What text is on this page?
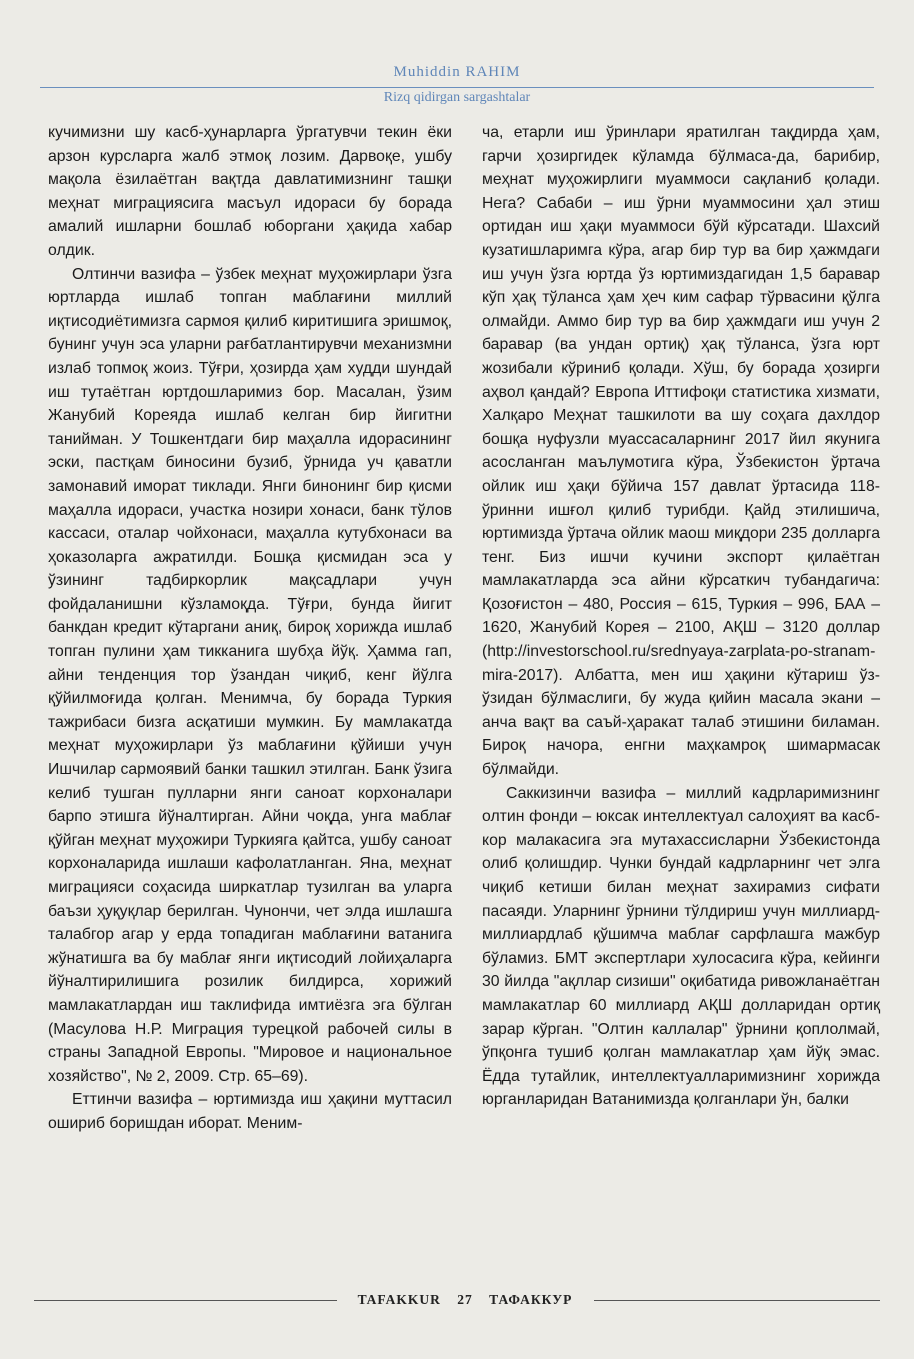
Muhiddin RAHIM
Rizq qidirgan sargashtalar

кучимизни шу касб-ҳунарларга ўргатувчи текин ёки арзон курсларга жалб этмоқ лозим. Дарвоқе, ушбу мақола ёзилаётган вақтда давлатимизнинг ташқи меҳнат миграциясига масъул идораси бу борада амалий ишларни бошлаб юборгани ҳақида хабар олдик.

Олтинчи вазифа – ўзбек меҳнат муҳожирлари ўзга юртларда ишлаб топган маблағини миллий иқтисодиётимизга сармоя қилиб киритишига эришмоқ, бунинг учун эса уларни рағбатлантирувчи механизмни излаб топмоқ жоиз. Тўғри, ҳозирда ҳам худди шундай иш тутаётган юртдошларимиз бор. Масалан, ўзим Жанубий Кореяда ишлаб келган бир йигитни танийман. У Тошкентдаги бир маҳалла идорасининг эски, пастқам биносини бузиб, ўрнида уч қаватли замонавий иморат тиклади. Янги бинонинг бир қисми маҳалла идораси, участка нозири хонаси, банк тўлов кассаси, оталар чойхонаси, маҳалла кутубхонаси ва ҳоказоларга ажратилди. Бошқа қисмидан эса у ўзининг тадбиркорлик мақсадлари учун фойдаланишни кўзламоқда. Тўғри, бунда йигит банкдан кредит кўтаргани аниқ, бироқ хорижда ишлаб топган пулини ҳам тикканига шубҳа йўқ. Ҳамма гап, айни тенденция тор ўзандан чиқиб, кенг йўлга қўйилмоғида қолган. Менимча, бу борада Туркия тажрибаси бизга асқатиши мумкин. Бу мамлакатда меҳнат муҳожирлари ўз маблағини қўйиши учун Ишчилар сармоявий банки ташкил этилган. Банк ўзига келиб тушган пулларни янги саноат корхоналари барпо этишга йўналтирган. Айни чоқда, унга маблағ қўйган меҳнат муҳожири Туркияга қайтса, ушбу саноат корхоналарида ишлаши кафолатланган. Яна, меҳнат миграцияси соҳасида ширкатлар тузилган ва уларга баъзи ҳуқуқлар берилган. Чунончи, чет элда ишлашга талабгор агар у ерда топадиган маблағини ватанига жўнатишга ва бу маблағ янги иқтисодий лойиҳаларга йўналтирилишига розилик билдирса, хорижий мамлакатлардан иш таклифида имтиёзга эга бўлган (Масулова Н.Р. Миграция турецкой рабочей силы в страны Западной Европы. "Мировое и национальное хозяйство", № 2, 2009. Стр. 65–69).

Еттинчи вазифа – юртимизда иш ҳақини муттасил ошириб боришдан иборат. Меним-

ча, етарли иш ўринлари яратилган тақдирда ҳам, гарчи ҳозиргидек кўламда бўлмаса-да, барибир, меҳнат муҳожирлиги муаммоси сақланиб қолади. Нега? Сабаби – иш ўрни муаммосини ҳал этиш ортидан иш ҳақи муаммоси бўй кўрсатади. Шахсий кузатишларимга кўра, агар бир тур ва бир ҳажмдаги иш учун ўзга юртда ўз юртимиздагидан 1,5 баравар кўп ҳақ тўланса ҳам ҳеч ким сафар тўрвасини қўлга олмайди. Аммо бир тур ва бир ҳажмдаги иш учун 2 баравар (ва ундан ортиқ) ҳақ тўланса, ўзга юрт жозибали кўриниб қолади. Хўш, бу борада ҳозирги аҳвол қандай? Европа Иттифоқи статистика хизмати, Халқаро Меҳнат ташкилоти ва шу соҳага дахлдор бошқа нуфузли муассасаларнинг 2017 йил якунига асосланган маълумотига кўра, Ўзбекистон ўртача ойлик иш ҳақи бўйича 157 давлат ўртасида 118-ўринни ишғол қилиб турибди. Қайд этилишича, юртимизда ўртача ойлик маош миқдори 235 долларга тенг. Биз ишчи кучини экспорт қилаётган мамлакатларда эса айни кўрсаткич тубандагича: Қозоғистон – 480, Россия – 615, Туркия – 996, БАА –1620, Жанубий Корея – 2100, АҚШ – 3120 доллар (http://investorschool.ru/srednyaya-zarplata-po-stranam-mira-2017). Албатта, мен иш ҳақини кўтариш ўз-ўзидан бўлмаслиги, бу жуда қийин масала экани – анча вақт ва саъй-ҳаракат талаб этишини биламан. Бироқ начора, енгни маҳкамроқ шимармасак бўлмайди.

Саккизинчи вазифа – миллий кадрларимизнинг олтин фонди – юксак интеллектуал салоҳият ва касб-кор малакасига эга мутахассисларни Ўзбекистонда олиб қолишдир. Чунки бундай кадрларнинг чет элга чиқиб кетиши билан меҳнат захирамиз сифати пасаяди. Уларнинг ўрнини тўлдириш учун миллиард-миллиардлаб қўшимча маблағ сарфлашга мажбур бўламиз. БМТ экспертлари хулосасига кўра, кейинги 30 йилда "ақллар сизиши" оқибатида ривожланаётган мамлакатлар 60 миллиард АҚШ долларидан ортиқ зарар кўрган. "Олтин каллалар" ўрнини қоплолмай, ўпқонга тушиб қолган мамлакатлар ҳам йўқ эмас. Ёдда тутайлик, интеллектуалларимизнинг хорижда юрганларидан Ватанимизда қолганлари ўн, балки

TAFAKKUR 27 ТАФАККУР
